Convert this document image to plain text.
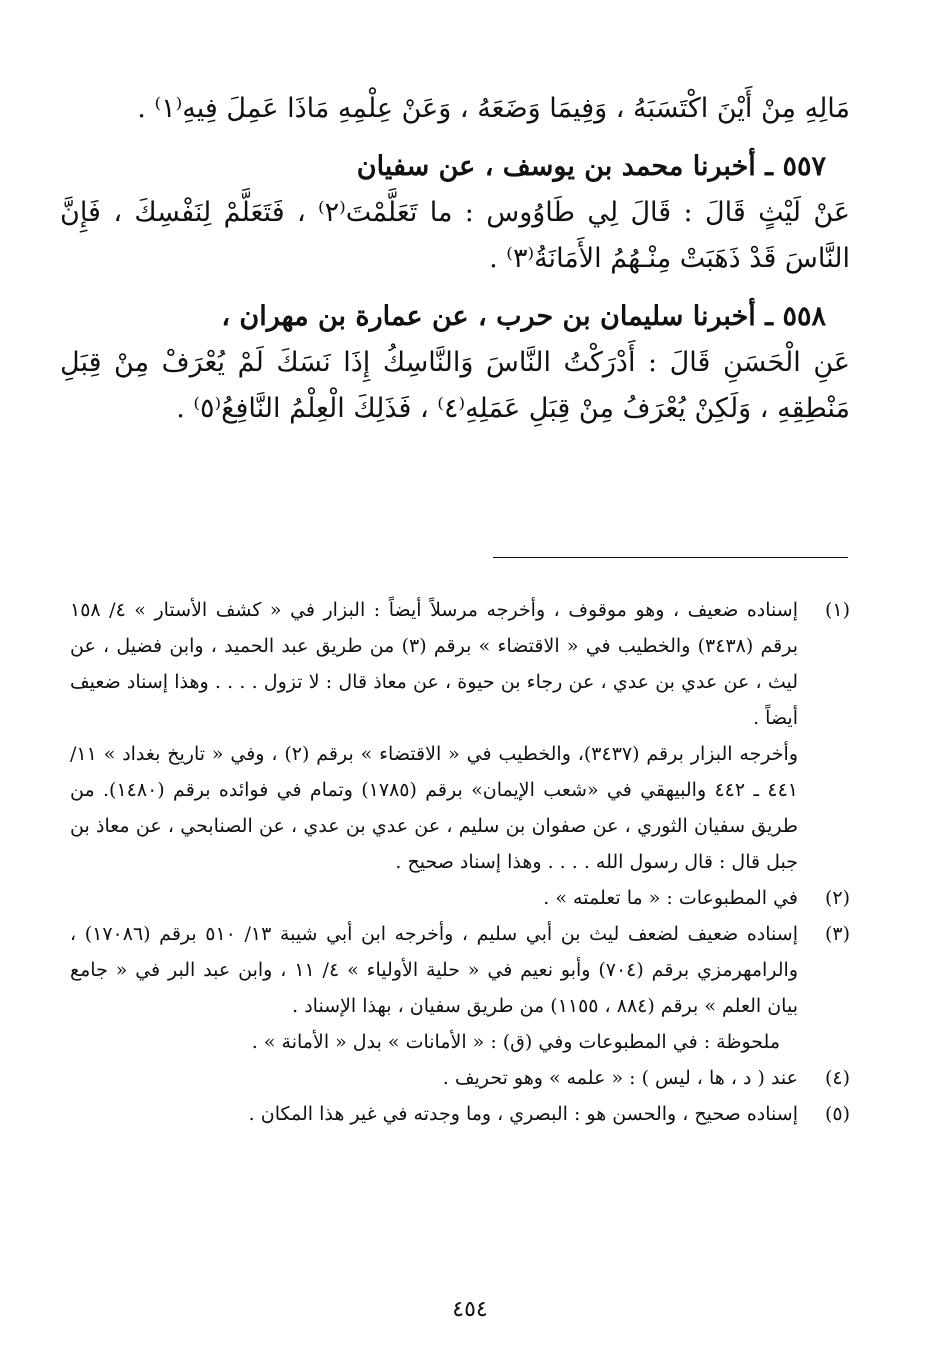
مَالِهِ مِنْ أَيْنَ اكْتَسَبَهُ ، وَفِيمَا وَضَعَهُ ، وَعَنْ عِلْمِهِ مَاذَا عَمِلَ فِيهِ⁽١⁾ .

٥٥٧ ـ أخبرنا محمد بن يوسف ، عن سفيان

عَنْ لَيْثٍ قَالَ : قَالَ لِي طَاوُوس : ما تَعَلَّمْتَ⁽٢⁾ ، فَتَعَلَّمْ لِنَفْسِكَ ، فَإِنَّ النَّاسَ قَدْ ذَهَبَتْ مِنْـهُمُ الأَمَانَةُ⁽٣⁾ .

٥٥٨ ـ أخبرنا سليمان بن حرب ، عن عمارة بن مهران ،

عَنِ الْحَسَنِ قَالَ : أَدْرَكْتُ النَّاسَ وَالنَّاسِكُ إِذَا نَسَكَ لَمْ يُعْرَفْ مِنْ قِبَلِ مَنْطِقِهِ ، وَلَكِنْ يُعْرَفُ مِنْ قِبَلِ عَمَلِهِ⁽٤⁾ ، فَذَلِكَ الْعِلْمُ النَّافِعُ⁽٥⁾ .

(١)

إسناده ضعيف ، وهو موقوف ، وأخرجه مرسلاً أيضاً : البزار في « كشف الأستار » ٤/ ١٥٨ برقم (٣٤٣٨) والخطيب في « الاقتضاء » برقم (٣) من طريق عبد الحميد ، وابن فضيل ، عن ليث ، عن عدي بن عدي ، عن رجاء بن حيوة ، عن معاذ قال : لا تزول . . . . وهذا إسناد ضعيف أيضاً .

وأخرجه البزار برقم (٣٤٣٧)، والخطيب في « الاقتضاء » برقم (٢) ، وفي « تاريخ بغداد » ١١/ ٤٤١ ـ ٤٤٢ والبيهقي في «شعب الإيمان» برقم (١٧٨٥) وتمام في فوائده برقم (١٤٨٠). من طريق سفيان الثوري ، عن صفوان بن سليم ، عن عدي بن عدي ، عن الصنابحي ، عن معاذ بن جبل قال : قال رسول الله . . . . وهذا إسناد صحيح .

(٢)

في المطبوعات : « ما تعلمته » .

(٣)

إسناده ضعيف لضعف ليث بن أبي سليم ، وأخرجه ابن أبي شيبة ١٣/ ٥١٠ برقم (١٧٠٨٦) ، والرامهرمزي برقم (٧٠٤) وأبو نعيم في « حلية الأولياء » ٤/ ١١ ، وابن عبد البر في « جامع بيان العلم » برقم (٨٨٤ ، ١١٥٥) من طريق سفيان ، بهذا الإسناد .

ملحوظة : في المطبوعات وفي (ق) : « الأمانات » بدل « الأمانة » .

(٤)

عند ( د ، ها ، ليس ) : « علمه » وهو تحريف .

(٥)

إسناده صحيح ، والحسن هو : البصري ، وما وجدته في غير هذا المكان .

٤٥٤
